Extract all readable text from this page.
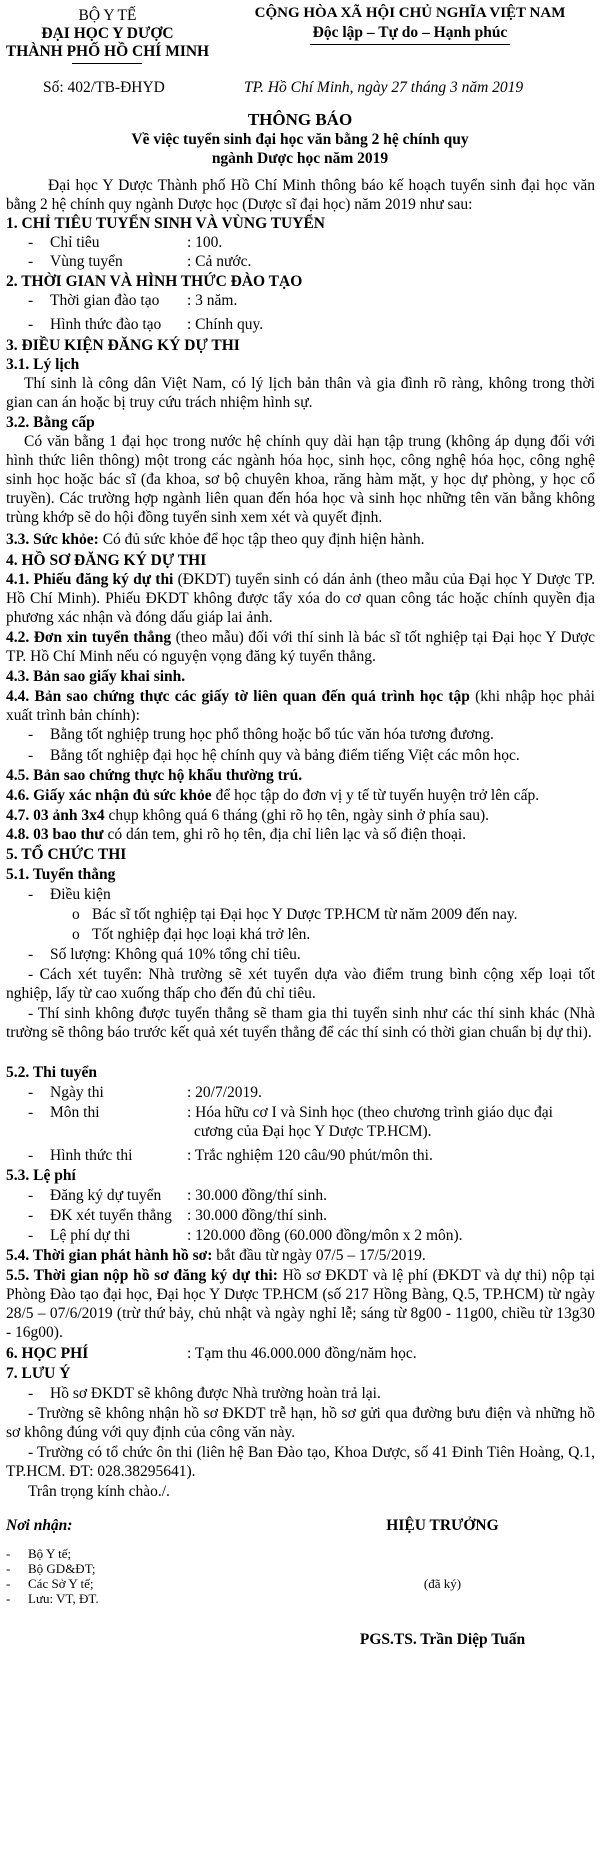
BỘ Y TẾ
ĐẠI HỌC Y DƯỢC
THÀNH PHỐ HỒ CHÍ MINH
CỘNG HÒA XÃ HỘI CHỦ NGHĨA VIỆT NAM
Độc lập – Tự do – Hạnh phúc
Số: 402/TB-ĐHYD	TP. Hồ Chí Minh, ngày 27 tháng 3 năm 2019
THÔNG BÁO
Về việc tuyển sinh đại học văn bằng 2 hệ chính quy
ngành Dược học năm 2019
Đại học Y Dược Thành phố Hồ Chí Minh thông báo kế hoạch tuyển sinh đại học văn bằng 2 hệ chính quy ngành Dược học (Dược sĩ đại học) năm 2019 như sau:
1. CHỈ TIÊU TUYỂN SINH VÀ VÙNG TUYỂN
- Chỉ tiêu	: 100.
- Vùng tuyển	: Cả nước.
2. THỜI GIAN VÀ HÌNH THỨC ĐÀO TẠO
- Thời gian đào tạo : 3 năm.
- Hình thức đào tạo : Chính quy.
3. ĐIỀU KIỆN ĐĂNG KÝ DỰ THI
3.1. Lý lịch
Thí sinh là công dân Việt Nam, có lý lịch bản thân và gia đình rõ ràng, không trong thời gian can án hoặc bị truy cứu trách nhiệm hình sự.
3.2. Bằng cấp
Có văn bằng 1 đại học trong nước hệ chính quy dài hạn tập trung (không áp dụng đối với hình thức liên thông) một trong các ngành hóa học, sinh học, công nghệ hóa học, công nghệ sinh học hoặc bác sĩ (đa khoa, sơ bộ chuyên khoa, răng hàm mặt, y học dự phòng, y học cổ truyền). Các trường hợp ngành liên quan đến hóa học và sinh học những tên văn bằng không trùng khớp sẽ do hội đồng tuyển sinh xem xét và quyết định.
3.3. Sức khỏe: Có đủ sức khỏe để học tập theo quy định hiện hành.
4. HỒ SƠ ĐĂNG KÝ DỰ THI
4.1. Phiếu đăng ký dự thi (ĐKDT) tuyển sinh có dán ảnh (theo mẫu của Đại học Y Dược TP. Hồ Chí Minh). Phiếu ĐKDT không được tẩy xóa do cơ quan công tác hoặc chính quyền địa phương xác nhận và đóng dấu giáp lai ảnh.
4.2. Đơn xin tuyển thẳng (theo mẫu) đối với thí sinh là bác sĩ tốt nghiệp tại Đại học Y Dược TP. Hồ Chí Minh nếu có nguyện vọng đăng ký tuyển thẳng.
4.3. Bản sao giấy khai sinh.
4.4. Bản sao chứng thực các giấy tờ liên quan đến quá trình học tập (khi nhập học phải xuất trình bản chính):
- Bằng tốt nghiệp trung học phổ thông hoặc bổ túc văn hóa tương đương.
- Bằng tốt nghiệp đại học hệ chính quy và bảng điểm tiếng Việt các môn học.
4.5. Bản sao chứng thực hộ khẩu thường trú.
4.6. Giấy xác nhận đủ sức khỏe để học tập do đơn vị y tế từ tuyến huyện trở lên cấp.
4.7. 03 ảnh 3x4 chụp không quá 6 tháng (ghi rõ họ tên, ngày sinh ở phía sau).
4.8. 03 bao thư có dán tem, ghi rõ họ tên, địa chỉ liên lạc và số điện thoại.
5. TỔ CHỨC THI
5.1. Tuyển thẳng
- Điều kiện
o Bác sĩ tốt nghiệp tại Đại học Y Dược TP.HCM từ năm 2009 đến nay.
o Tốt nghiệp đại học loại khá trở lên.
- Số lượng: Không quá 10% tổng chỉ tiêu.
- Cách xét tuyển: Nhà trường sẽ xét tuyển dựa vào điểm trung bình cộng xếp loại tốt nghiệp, lấy từ cao xuống thấp cho đến đủ chỉ tiêu.
- Thí sinh không được tuyển thẳng sẽ tham gia thi tuyển sinh như các thí sinh khác (Nhà trường sẽ thông báo trước kết quả xét tuyển thẳng để các thí sinh có thời gian chuẩn bị dự thi).
5.2. Thi tuyển
- Ngày thi	: 20/7/2019.
- Môn thi	: Hóa hữu cơ I và Sinh học (theo chương trình giáo dục đại
cương của Đại học Y Dược TP.HCM).
- Hình thức thi	: Trắc nghiệm 120 câu/90 phút/môn thi.
5.3. Lệ phí
- Đăng ký dự tuyển : 30.000 đồng/thí sinh.
- ĐK xét tuyển thẳng : 30.000 đồng/thí sinh.
- Lệ phí dự thi	: 120.000 đồng (60.000 đồng/môn x 2 môn).
5.4. Thời gian phát hành hồ sơ: bắt đầu từ ngày 07/5 – 17/5/2019.
5.5. Thời gian nộp hồ sơ đăng ký dự thi: Hồ sơ ĐKDT và lệ phí (ĐKDT và dự thi) nộp tại Phòng Đào tạo đại học, Đại học Y Dược TP.HCM (số 217 Hồng Bàng, Q.5, TP.HCM) từ ngày 28/5 – 07/6/2019 (trừ thứ bảy, chủ nhật và ngày nghỉ lễ; sáng từ 8g00 - 11g00, chiều từ 13g30 - 16g00).
6. HỌC PHÍ	: Tạm thu 46.000.000 đồng/năm học.
7. LƯU Ý
- Hồ sơ ĐKDT sẽ không được Nhà trường hoàn trả lại.
- Trường sẽ không nhận hồ sơ ĐKDT trễ hạn, hồ sơ gửi qua đường bưu điện và những hồ sơ không đúng với quy định của công văn này.
- Trường có tổ chức ôn thi (liên hệ Ban Đào tạo, Khoa Dược, số 41 Đinh Tiên Hoàng, Q.1, TP.HCM. ĐT: 028.38295641).
Trân trọng kính chào./.
Nơi nhận:
- Bộ Y tế;
- Bộ GD&ĐT;
- Các Sở Y tế;
- Lưu: VT, ĐT.
HIỆU TRƯỞNG
(đã ký)
PGS.TS. Trần Diệp Tuấn
